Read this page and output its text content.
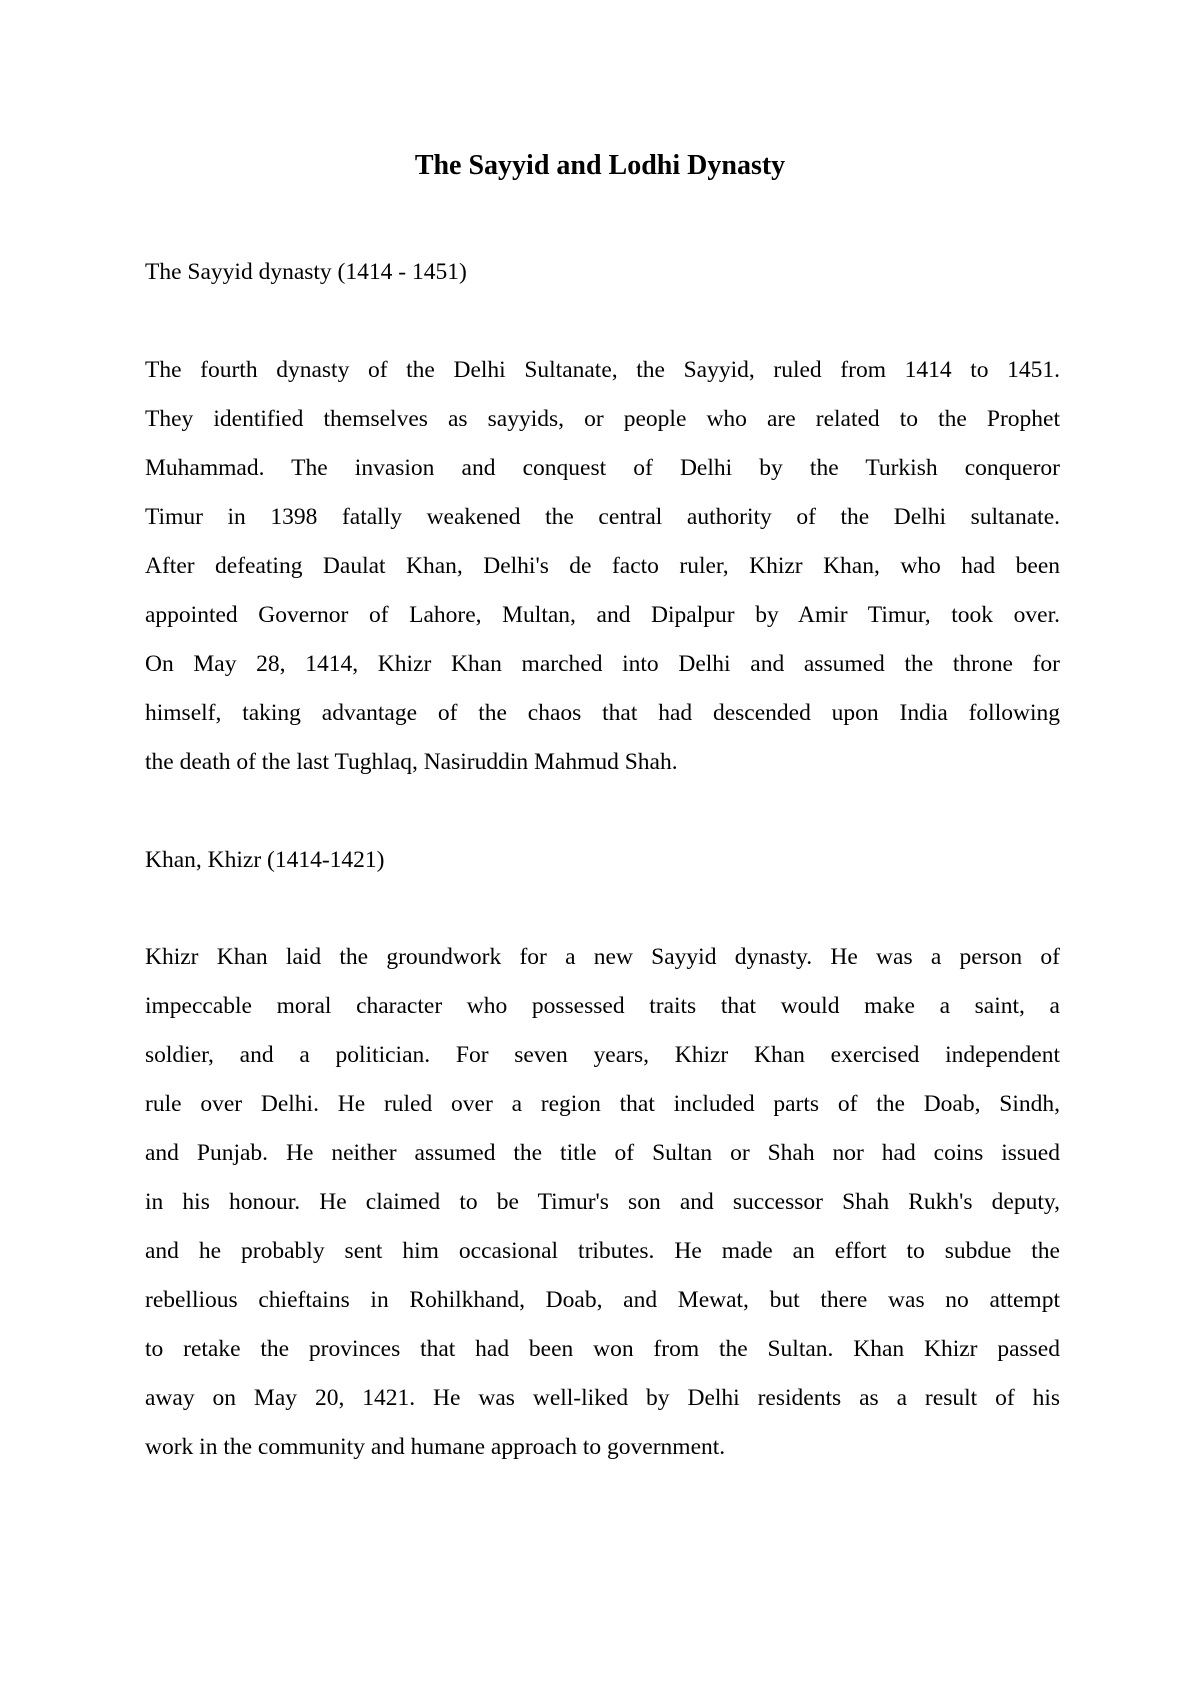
The Sayyid and Lodhi Dynasty
The Sayyid dynasty (1414 - 1451)
The fourth dynasty of the Delhi Sultanate, the Sayyid, ruled from 1414 to 1451.
They identified themselves as sayyids, or people who are related to the Prophet
Muhammad. The invasion and conquest of Delhi by the Turkish conqueror
Timur in 1398 fatally weakened the central authority of the Delhi sultanate.
After defeating Daulat Khan, Delhi's de facto ruler, Khizr Khan, who had been
appointed Governor of Lahore, Multan, and Dipalpur by Amir Timur, took over.
On May 28, 1414, Khizr Khan marched into Delhi and assumed the throne for
himself, taking advantage of the chaos that had descended upon India following
the death of the last Tughlaq, Nasiruddin Mahmud Shah.
Khan, Khizr (1414-1421)
Khizr Khan laid the groundwork for a new Sayyid dynasty. He was a person of
impeccable moral character who possessed traits that would make a saint, a
soldier, and a politician. For seven years, Khizr Khan exercised independent
rule over Delhi. He ruled over a region that included parts of the Doab, Sindh,
and Punjab. He neither assumed the title of Sultan or Shah nor had coins issued
in his honour. He claimed to be Timur's son and successor Shah Rukh's deputy,
and he probably sent him occasional tributes. He made an effort to subdue the
rebellious chieftains in Rohilkhand, Doab, and Mewat, but there was no attempt
to retake the provinces that had been won from the Sultan. Khan Khizr passed
away on May 20, 1421. He was well-liked by Delhi residents as a result of his
work in the community and humane approach to government.
